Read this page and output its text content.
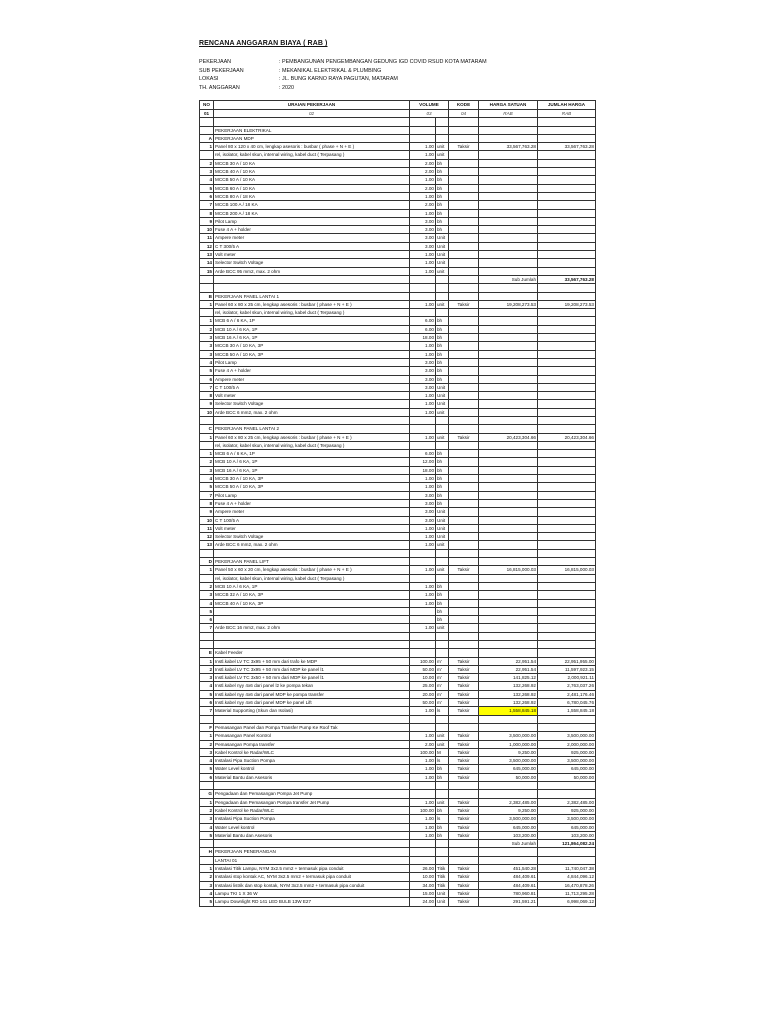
RENCANA ANGGARAN BIAYA ( RAB )
PEKERJAAN	: PEMBANGUNAN PENGEMBANGAN GEDUNG IGD COVID RSUD KOTA MATARAM
SUB PEKERJAAN	: MEKANIKAL ELEKTRIKAL & PLUMBING
LOKASI	: JL. BUNG KARNO RAYA PAGUTAN, MATARAM
TH. ANGGARAN	: 2020
NO	URAIAN PEKERJAAN	VOLUME		KODE	HARGA SATUAN	JUMLAH HARGA
01	02	03		04	RAB	RAB

	PEKERJAAN ELEKTRIKAL					
A	PEKERJAAN MDP					
1	Panel 80 x 120 x 40 cm, lengkap asesoris : busbar ( phase + N + E )	1.00	unit	Taksir	33,567,763.28	33,567,763.28
	rel, isolator, kabel skun, internal wiring, kabel duct ( Terpasang )	1.00	unit			
2	MCCB 30 A / 10 KA	2.00	bh			
3	MCCB 40 A / 10 KA	2.00	bh			
4	MCCB 50 A / 10 KA	1.00	bh			
5	MCCB 60 A / 10 KA	2.00	bh			
6	MCCB 80 A / 18 KA	1.00	bh			
7	MCCB 100 A / 18 KA	2.00	bh			
8	MCCB 200 A / 18 KA	1.00	bh			
9	Pilot Lamp	3.00	bh			
10	Fuse 4 A + holder	3.00	bh			
11	Ampere meter	3.00	Unit			
12	C T 300/5 A	3.00	Unit			
13	Volt meter	1.00	Unit			
14	Selector Switch Voltage	1.00	Unit			
15	Arde BCC 95 mm2, max. 2 ohm	1.00	unit			
					Sub Jumlah	33,567,763.28

B	PEKERJAAN PANEL LANTAI 1					
1	Panel 60 x 80 x 25 cm, lengkap asesoris : busbar ( phase + N + E )	1.00	unit	Taksir	19,208,273.53	19,208,273.53
	rel, isolator, kabel skun, internal wiring, kabel duct ( Terpasang )					
1	MCB 6 A / 6 KA, 1P	6.00	bh			
2	MCB 10 A / 6 KA, 1P	6.00	bh			
3	MCB 16 A / 6 KA, 1P	18.00	bh			
3	MCCB 30 A / 10 KA, 3P	1.00	bh			
3	MCCB 50 A / 10 KA, 3P	1.00	bh			
4	Pilot Lamp	3.00	bh			
5	Fuse 4 A + holder	3.00	bh			
6	Ampere meter	3.00	bh			
7	C T 100/5 A	3.00	Unit			
8	Volt meter	1.00	Unit			
9	Selector Switch Voltage	1.00	Unit			
10	Arde BCC 6 mm2, max. 2 ohm	1.00	unit			

C	PEKERJAAN PANEL LANTAI 2					
1	Panel 60 x 80 x 25 cm, lengkap asesoris : busbar ( phase + N + E )	1.00	unit	Taksir	20,423,304.66	20,423,304.66
	rel, isolator, kabel skun, internal wiring, kabel duct ( Terpasang )					
1	MCB 6 A / 6 KA, 1P	6.00	bh			
2	MCB 10 A / 6 KA, 1P	12.00	bh			
3	MCB 16 A / 6 KA, 1P	18.00	bh			
4	MCCB 30 A / 10 KA, 3P	1.00	bh			
5	MCCB 50 A / 10 KA, 3P	1.00	bh			
7	Pilot Lamp	3.00	bh			
8	Fuse 4 A + holder	3.00	bh			
9	Ampere meter	3.00	Unit			
10	C T 100/5 A	3.00	Unit			
11	Volt meter	1.00	Unit			
12	Selector Switch Voltage	1.00	Unit			
13	Arde BCC 6 mm2, max. 2 ohm	1.00	unit			

D	PEKERJAAN PANEL LIFT					
1	Panel 50 x 60 x 20 cm, lengkap asesoris : busbar ( phase + N + E )	1.00	unit	Taksir	16,815,000.03	16,815,000.03
	rel, isolator, kabel skun, internal wiring, kabel duct ( Terpasang )					
2	MCB 10 A / 6 KA, 1P	1.00	bh			
3	MCCB 32 A / 10 KA, 3P	1.00	bh			
4	MCCB 40 A / 10 KA, 3P	1.00	bh			
5			bh			
6			bh			
7	Arde BCC 16 mm2, max. 2 ohm	1.00	unit			

E	Kabel Feeder					
1	Instl.kabel LV TC 3x95 + 50 mm dari trafo ke MDP	100.00	m'	Taksir	22,951.54	22,951,955.00
2	Instl.kabel LV TC 3x95 + 50 mm dari MDP ke panel l1	50.00	m'	Taksir	22,951.54	11,597,923.15
3	Instl.kabel LV TC 3x50 + 50 mm dari MDP ke panel l1	10.00	m'	Taksir	141,825.12	2,000,921.11
4	Instl.kabel nyy 4x6 dari panel l2 ke pompa tekan	25.00	m'	Taksir	132,268.92	2,763,037.26
5	Instl.kabel nyy 4x6 dari panel MDP ke pompa transfer	20.00	m'	Taksir	132,268.92	2,481,176.46
6	Instl.kabel nyy 4x6 dari panel MDP ke panel Lift	50.00	m'	Taksir	132,268.92	6,780,045.76
7	Material Supporting (Skun dan Isolasi)	1.00	ls	Taksir	1,558,845.18	1,558,845.18

F	Pemasangan Panel dan Pompa Transfer Pump Ke Roof Tak					
1	Pemasangan Panel Kontrol	1.00	unit	Taksir	3,500,000.00	3,500,000.00
2	Pemasangan Pompa transfer	2.00	unit	Taksir	1,000,000.00	2,000,000.00
3	Kabel Kontrol ke Radar/WLC	100.00	M	Taksir	9,250.00	925,000.00
4	Instalasi Pipa Suction Pompa	1.00	ls	Taksir	3,500,000.00	3,500,000.00
5	Water Level kontrol	1.00	bh	Taksir	645,000.00	645,000.00
6	Material Bantu dan Asesoris	1.00	bh	Taksir	50,000.00	50,000.00

G	Pengadaan dan Pemasangan Pompa Jet Pump					
1	Pengadaan dan Pemasangan Pompa transfer Jet Pump	1.00	unit	Taksir	2,382,485.00	2,382,485.00
2	Kabel Kontrol ke Radar/WLC	100.00	bh	Taksir	9,250.00	925,000.00
3	Instalasi Pipa Suction Pompa	1.00	ls	Taksir	3,500,000.00	3,500,000.00
4	Water Level kontrol	1.00	bh	Taksir	645,000.00	645,000.00
5	Material Bantu dan Asesoris	1.00	bh	Taksir	103,200.00	103,200.00
					Sub Jumlah	121,864,082.24
H	PEKERJAAN PENERANGAN					
	LANTAI 01					
1	Instalasi Titik Lampu, NYM 3x2.5 mm2 + termasuk pipa conduit	26.00	Titik	Taksir	451,540.28	11,740,047.38
2	Instalasi stop kontak AC, NYM 3x2.5 mm2 + termasuk pipa conduit	10.00	Titik	Taksir	484,409.61	4,844,096.12
3	Instalasi listrik dan stop kontak, NYM 3x2.5 mm2 + termasuk pipa conduit	34.00	Titik	Taksir	484,409.61	16,470,878.26
4	Lampu TKI 1 X 36 W	15.00	Unit	Taksir	780,960.81	11,713,295.28
5	Lampu Downlight RD 141 LED BULB 13W E27	24.00	Unit	Taksir	291,591.21	6,998,069.12
